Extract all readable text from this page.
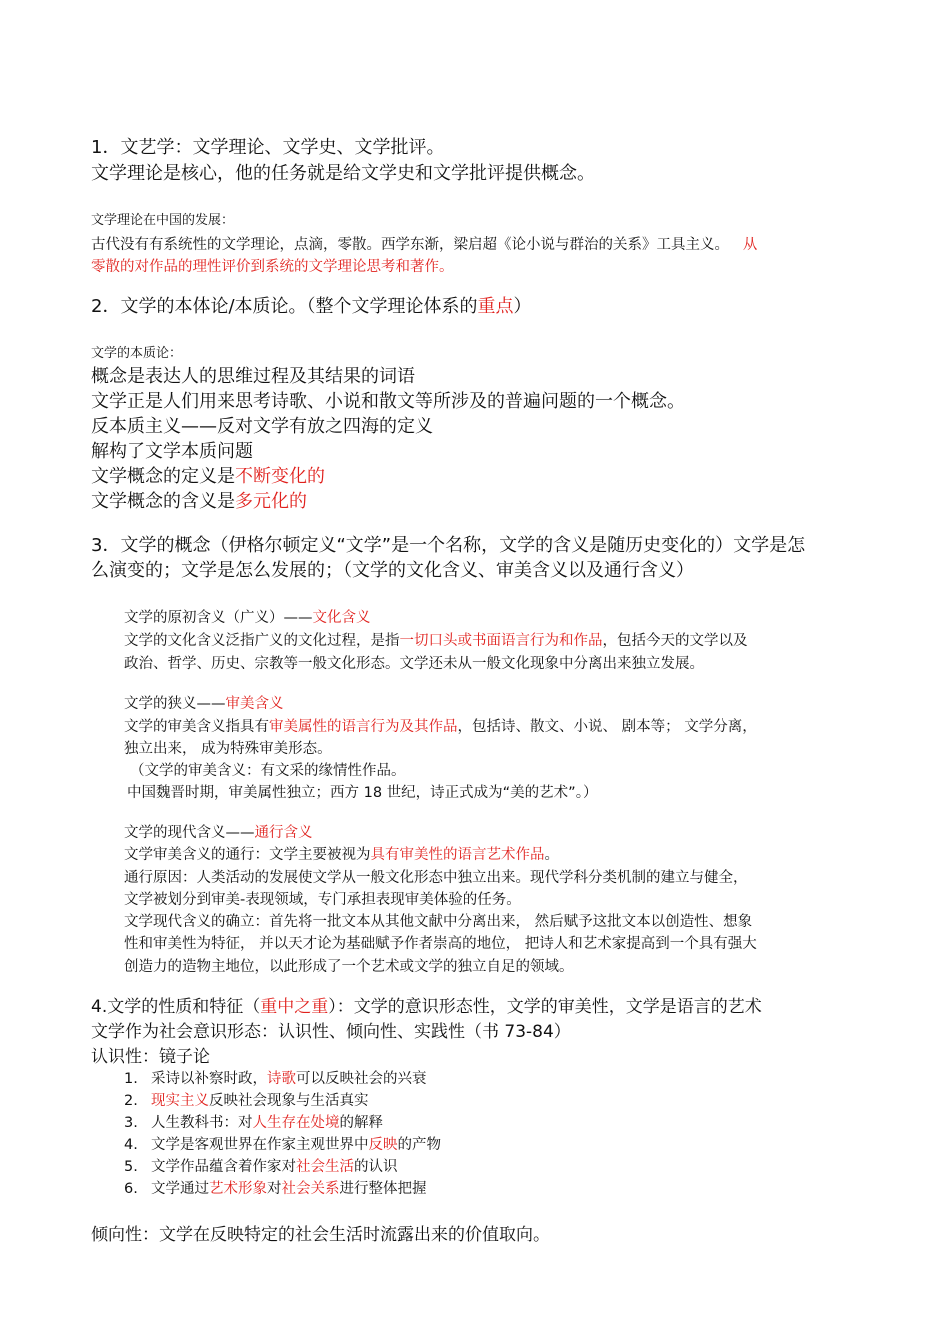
1．文艺学：文学理论、文学史、文学批评。
文学理论是核心，他的任务就是给文学史和文学批评提供概念。
文学理论在中国的发展：
古代没有有系统性的文学理论，点滴，零散。西学东渐，梁启超《论小说与群治的关系》工具主义。 从
零散的对作品的理性评价到系统的文学理论思考和著作。
2．文学的本体论/本质论。（整个文学理论体系的重点）
文学的本质论：
概念是表达人的思维过程及其结果的词语
文学正是人们用来思考诗歌、小说和散文等所涉及的普遍问题的一个概念。
反本质主义——反对文学有放之四海的定义
解构了文学本质问题
文学概念的定义是不断变化的
文学概念的含义是多元化的
3．文学的概念（伊格尔顿定义“文学”是一个名称，文学的含义是随历史变化的）文学是怎
么演变的；文学是怎么发展的；（文学的文化含义、审美含义以及通行含义）
文学的原初含义（广义）——文化含义
文学的文化含义泛指广义的文化过程，是指一切口头或书面语言行为和作品，包括今天的文学以及
政治、哲学、历史、宗教等一般文化形态。文学还未从一般文化现象中分离出来独立发展。
文学的狭义——审美含义
文学的审美含义指具有审美属性的语言行为及其作品，包括诗、散文、小说、 剧本等； 文学分离，
独立出来， 成为特殊审美形态。
（文学的审美含义：有文采的缘情性作品。
中国魏晋时期，审美属性独立；西方 18 世纪，诗正式成为“美的艺术”。）
文学的现代含义——通行含义
文学审美含义的通行：文学主要被视为具有审美性的语言艺术作品。
通行原因：人类活动的发展使文学从一般文化形态中独立出来。现代学科分类机制的建立与健全，
文学被划分到审美-表现领域，专门承担表现审美体验的任务。
文学现代含义的确立：首先将一批文本从其他文献中分离出来， 然后赋予这批文本以创造性、想象
性和审美性为特征， 并以天才论为基础赋予作者崇高的地位， 把诗人和艺术家提高到一个具有强大
创造力的造物主地位，以此形成了一个艺术或文学的独立自足的领域。
4.文学的性质和特征（重中之重）：文学的意识形态性，文学的审美性，文学是语言的艺术
文学作为社会意识形态：认识性、倾向性、实践性（书 73-84）
认识性：镜子论
1. 采诗以补察时政，诗歌可以反映社会的兴衰
2. 现实主义反映社会现象与生活真实
3. 人生教科书：对人生存在处境的解释
4. 文学是客观世界在作家主观世界中反映的产物
5. 文学作品蕴含着作家对社会生活的认识
6. 文学通过艺术形象对社会关系进行整体把握
倾向性：文学在反映特定的社会生活时流露出来的价值取向。
